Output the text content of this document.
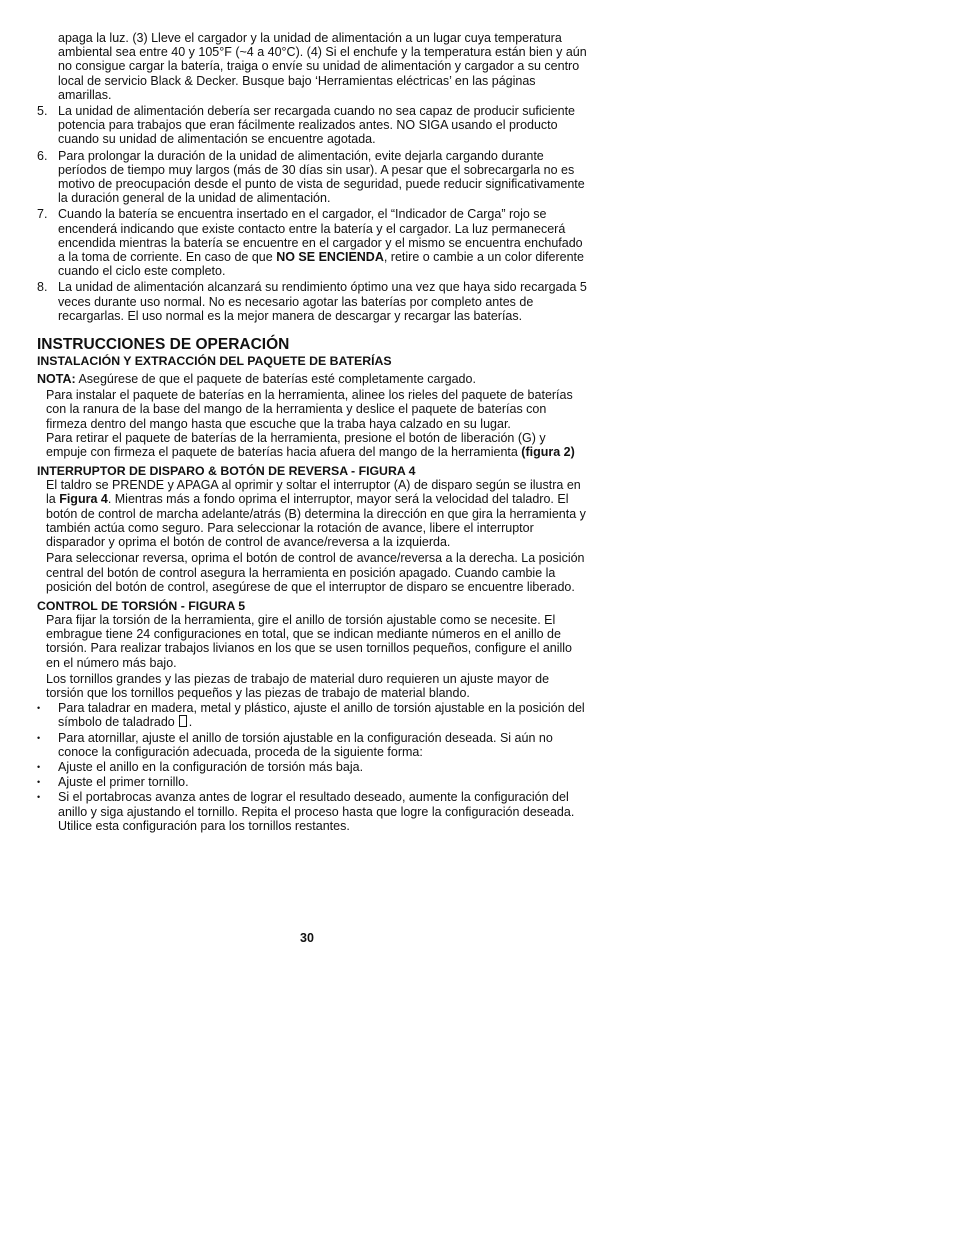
apaga la luz. (3) Lleve el cargador y la unidad de alimentación a un lugar cuya temperatura ambiental sea entre 40 y 105°F (~4 a 40°C). (4) Si el enchufe y la temperatura están bien y aún no consigue cargar la batería, traiga o envíe su unidad de alimentación y cargador a su centro local de servicio Black & Decker. Busque bajo ‘Herramientas eléctricas’ en las páginas amarillas.

5. La unidad de alimentación debería ser recargada cuando no sea capaz de producir suficiente potencia para trabajos que eran fácilmente realizados antes. NO SIGA usando el producto cuando su unidad de alimentación se encuentre agotada.
6. Para prolongar la duración de la unidad de alimentación, evite dejarla cargando durante períodos de tiempo muy largos (más de 30 días sin usar). A pesar que el sobrecargarla no es motivo de preocupación desde el punto de vista de seguridad, puede reducir significativamente la duración general de la unidad de alimentación.
7. Cuando la batería se encuentra insertado en el cargador, el “Indicador de Carga” rojo se encenderá indicando que existe contacto entre la batería y el cargador. La luz permanecerá encendida mientras la batería se encuentre en el cargador y el mismo se encuentra enchufado a la toma de corriente. En caso de que NO SE ENCIENDA, retire o cambie a un color diferente cuando el ciclo este completo.
8. La unidad de alimentación alcanzará su rendimiento óptimo una vez que haya sido recargada 5 veces durante uso normal. No es necesario agotar las baterías por completo antes de recargarlas. El uso normal es la mejor manera de descargar y recargar las baterías.
INSTRUCCIONES DE OPERACIÓN
INSTALACIÓN Y EXTRACCIÓN DEL PAQUETE DE BATERÍAS

NOTA: Asegúrese de que el paquete de baterías esté completamente cargado.

Para instalar el paquete de baterías en la herramienta, alinee los rieles del paquete de baterías con la ranura de la base del mango de la herramienta y deslice el paquete de baterías con firmeza dentro del mango hasta que escuche que la traba haya calzado en su lugar.

Para retirar el paquete de baterías de la herramienta, presione el botón de liberación (G) y empuje con firmeza el paquete de baterías hacia afuera del mango de la herramienta (figura 2)

INTERRUPTOR DE DISPARO & BOTÓN DE REVERSA - FIGURA 4

El taldro se PRENDE y APAGA al oprimir y soltar el interruptor (A) de disparo según se ilustra en la Figura 4. Mientras más a fondo oprima el interruptor, mayor será la velocidad del taladro. El botón de control de marcha adelante/atrás (B) determina la dirección en que gira la herramienta y también actúa como seguro. Para seleccionar la rotación de avance, libere el interruptor disparador y oprima el botón de control de avance/reversa a la izquierda.

Para seleccionar reversa, oprima el botón de control de avance/reversa a la derecha. La posición central del botón de control asegura la herramienta en posición apagado. Cuando cambie la posición del botón de control, asegúrese de que el interruptor de disparo se encuentre liberado.

CONTROL DE TORSIÓN - FIGURA 5

Para fijar la torsión de la herramienta, gire el anillo de torsión ajustable como se necesite. El embrague tiene 24 configuraciones en total, que se indican mediante números en el anillo de torsión. Para realizar trabajos livianos en los que se usen tornillos pequeños, configure el anillo en el número más bajo.

Los tornillos grandes y las piezas de trabajo de material duro requieren un ajuste mayor de torsión que los tornillos pequeños y las piezas de trabajo de material blando.

•	Para taladrar en madera, metal y plástico, ajuste el anillo de torsión ajustable en la posición del símbolo de taladrado .
•	Para atornillar, ajuste el anillo de torsión ajustable en la configuración deseada. Si aún no conoce la configuración adecuada, proceda de la siguiente forma:
•	Ajuste el anillo en la configuración de torsión más baja.
•	Ajuste el primer tornillo.
•	Si el portabrocas avanza antes de lograr el resultado deseado, aumente la configuración del anillo y siga ajustando el tornillo. Repita el proceso hasta que logre la configuración deseada. Utilice esta configuración para los tornillos restantes.
30
